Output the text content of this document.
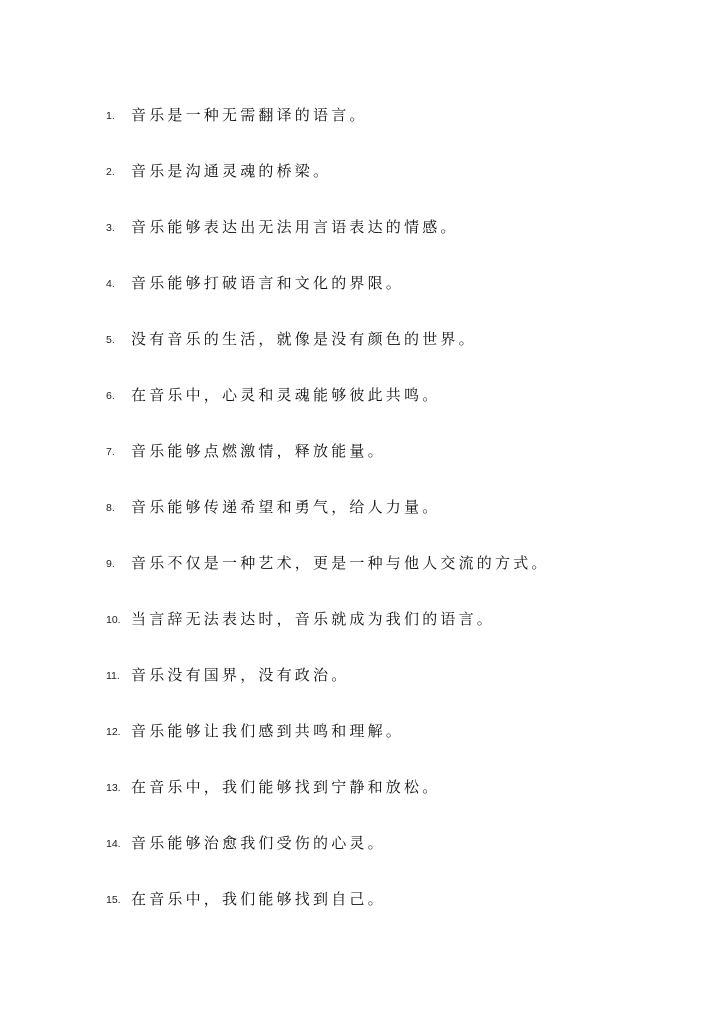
1.	音乐是一种无需翻译的语言。
2.	音乐是沟通灵魂的桥梁。
3.	音乐能够表达出无法用言语表达的情感。
4.	音乐能够打破语言和文化的界限。
5.	没有音乐的生活，就像是没有颜色的世界。
6.	在音乐中，心灵和灵魂能够彼此共鸣。
7.	音乐能够点燃激情，释放能量。
8.	音乐能够传递希望和勇气，给人力量。
9.	音乐不仅是一种艺术，更是一种与他人交流的方式。
10. 当言辞无法表达时，音乐就成为我们的语言。
11. 音乐没有国界，没有政治。
12. 音乐能够让我们感到共鸣和理解。
13. 在音乐中，我们能够找到宁静和放松。
14. 音乐能够治愈我们受伤的心灵。
15. 在音乐中，我们能够找到自己。
